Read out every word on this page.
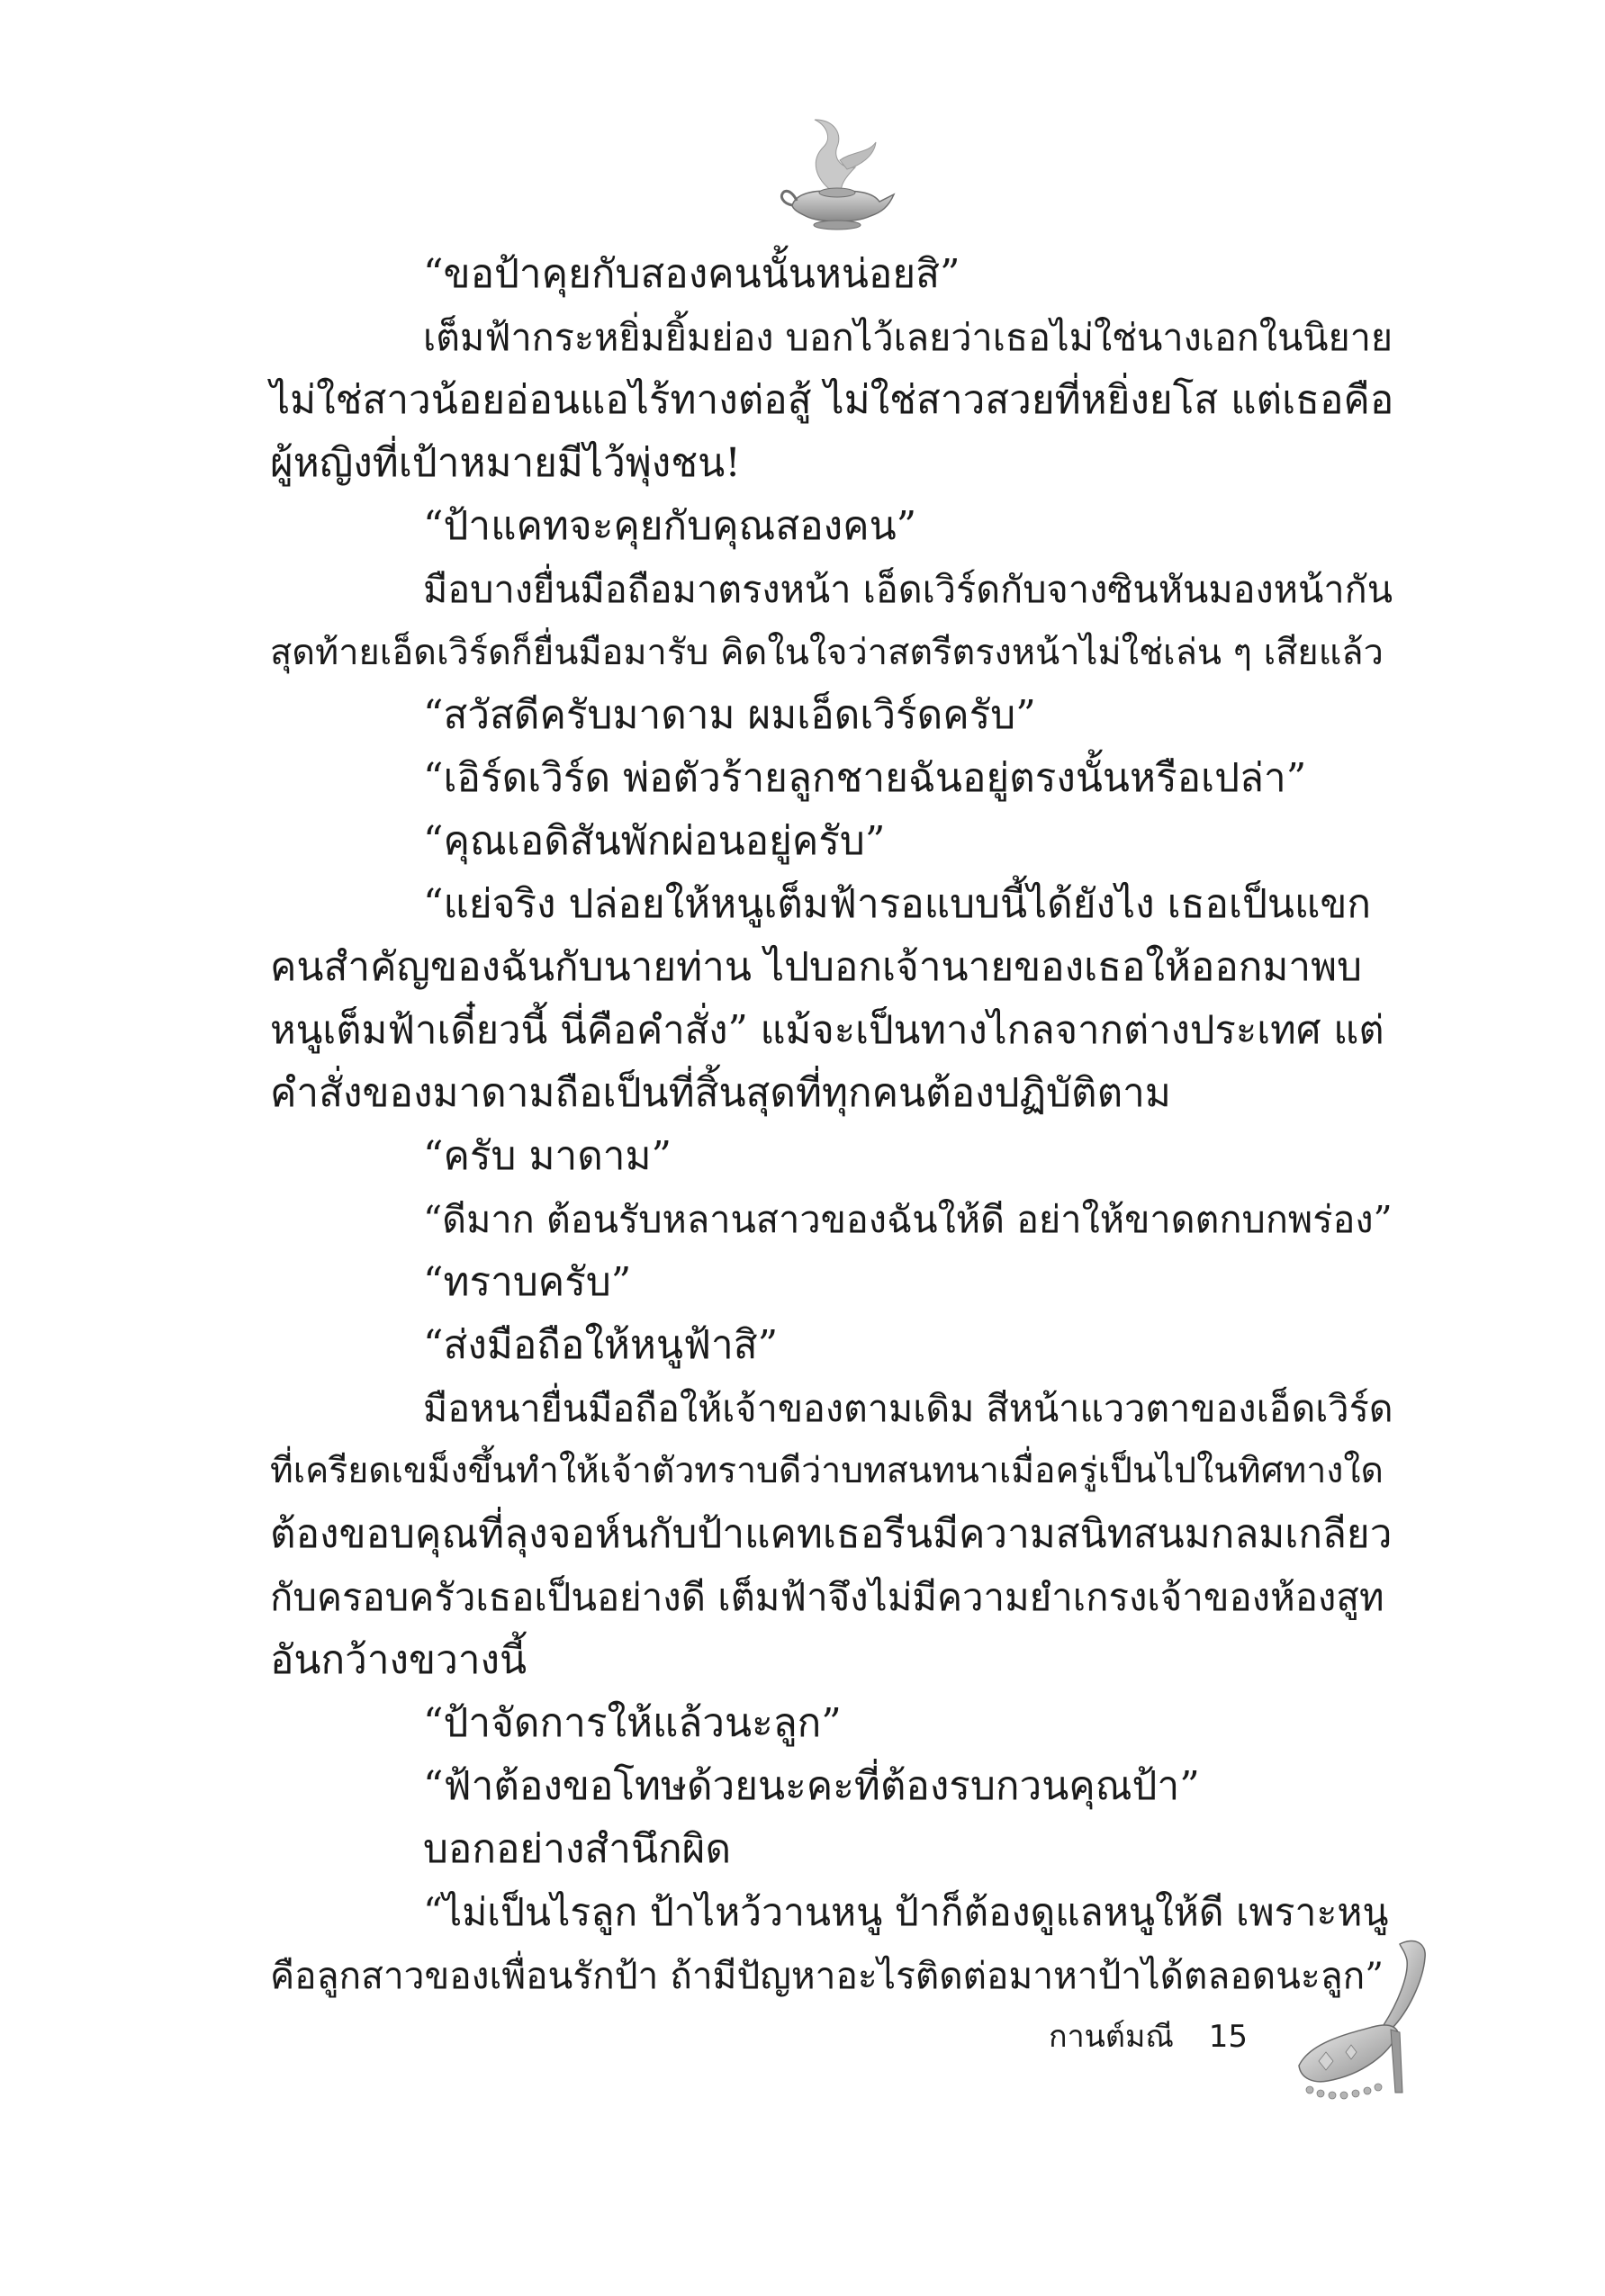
“ขอป้าคุยกับสองคนนั้นหน่อยสิ”

เต็มฟ้ากระหยิ่มยิ้มย่อง บอกไว้เลยว่าเธอไม่ใช่นางเอกในนิยาย

ไม่ใช่สาวน้อยอ่อนแอไร้ทางต่อสู้ ไม่ใช่สาวสวยที่หยิ่งยโส แต่เธอคือ

ผู้หญิงที่เป้าหมายมีไว้พุ่งชน!

“ป้าแคทจะคุยกับคุณสองคน”

มือบางยื่นมือถือมาตรงหน้า เอ็ดเวิร์ดกับจางซินหันมองหน้ากัน

สุดท้ายเอ็ดเวิร์ดก็ยื่นมือมารับ คิดในใจว่าสตรีตรงหน้าไม่ใช่เล่น ๆ เสียแล้ว

“สวัสดีครับมาดาม ผมเอ็ดเวิร์ดครับ”

“เอิร์ดเวิร์ด พ่อตัวร้ายลูกชายฉันอยู่ตรงนั้นหรือเปล่า”

“คุณเอดิสันพักผ่อนอยู่ครับ”

“แย่จริง ปล่อยให้หนูเต็มฟ้ารอแบบนี้ได้ยังไง เธอเป็นแขก

คนสำคัญของฉันกับนายท่าน ไปบอกเจ้านายของเธอให้ออกมาพบ

หนูเต็มฟ้าเดี๋ยวนี้ นี่คือคำสั่ง” แม้จะเป็นทางไกลจากต่างประเทศ แต่

คำสั่งของมาดามถือเป็นที่สิ้นสุดที่ทุกคนต้องปฏิบัติตาม

“ครับ มาดาม”

“ดีมาก ต้อนรับหลานสาวของฉันให้ดี อย่าให้ขาดตกบกพร่อง”

“ทราบครับ”

“ส่งมือถือให้หนูฟ้าสิ”

มือหนายื่นมือถือให้เจ้าของตามเดิม สีหน้าแววตาของเอ็ดเวิร์ด

ที่เครียดเขม็งขึ้นทำให้เจ้าตัวทราบดีว่าบทสนทนาเมื่อครู่เป็นไปในทิศทางใด

ต้องขอบคุณที่ลุงจอห์นกับป้าแคทเธอรีนมีความสนิทสนมกลมเกลียว

กับครอบครัวเธอเป็นอย่างดี เต็มฟ้าจึงไม่มีความยำเกรงเจ้าของห้องสูท

อันกว้างขวางนี้

“ป้าจัดการให้แล้วนะลูก”

“ฟ้าต้องขอโทษด้วยนะคะที่ต้องรบกวนคุณป้า”

บอกอย่างสำนึกผิด

“ไม่เป็นไรลูก ป้าไหว้วานหนู ป้าก็ต้องดูแลหนูให้ดี เพราะหนู

คือลูกสาวของเพื่อนรักป้า ถ้ามีปัญหาอะไรติดต่อมาหาป้าได้ตลอดนะลูก”

กานต์มณี 15
